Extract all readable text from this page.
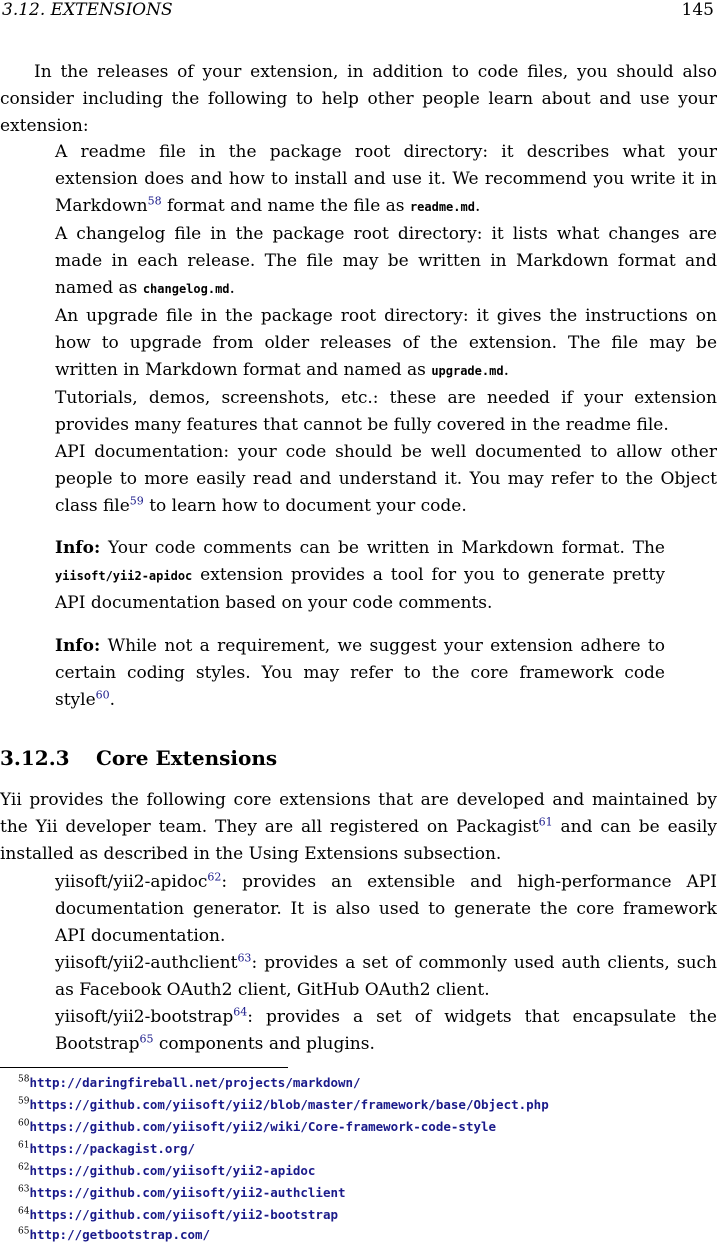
3.12. EXTENSIONS	145

In the releases of your extension, in addition to code files, you should also consider including the following to help other people learn about and use your extension:

A readme file in the package root directory: it describes what your extension does and how to install and use it. We recommend you write it in Markdown$^{58}$ format and name the file as readme.md.

A changelog file in the package root directory: it lists what changes are made in each release. The file may be written in Markdown format and named as changelog.md.

An upgrade file in the package root directory: it gives the instructions on how to upgrade from older releases of the extension. The file may be written in Markdown format and named as upgrade.md.

Tutorials, demos, screenshots, etc.: these are needed if your extension provides many features that cannot be fully covered in the readme file.

API documentation: your code should be well documented to allow other people to more easily read and understand it. You may refer to the Object class file$^{59}$ to learn how to document your code.

Info: Your code comments can be written in Markdown format. The yiisoft/yii2-apidoc extension provides a tool for you to generate pretty API documentation based on your code comments.

Info: While not a requirement, we suggest your extension adhere to certain coding styles. You may refer to the core framework code style$^{60}$.

3.12.3 Core Extensions

Yii provides the following core extensions that are developed and maintained by the Yii developer team. They are all registered on Packagist$^{61}$ and can be easily installed as described in the Using Extensions subsection.

yiisoft/yii2-apidoc$^{62}$: provides an extensible and high-performance API documentation generator. It is also used to generate the core framework API documentation.

yiisoft/yii2-authclient$^{63}$: provides a set of commonly used auth clients, such as Facebook OAuth2 client, GitHub OAuth2 client.

yiisoft/yii2-bootstrap$^{64}$: provides a set of widgets that encapsulate the Bootstrap$^{65}$ components and plugins.

$^{58}$http://daringfireball.net/projects/markdown/
$^{59}$https://github.com/yiisoft/yii2/blob/master/framework/base/Object.php
$^{60}$https://github.com/yiisoft/yii2/wiki/Core-framework-code-style
$^{61}$https://packagist.org/
$^{62}$https://github.com/yiisoft/yii2-apidoc
$^{63}$https://github.com/yiisoft/yii2-authclient
$^{64}$https://github.com/yiisoft/yii2-bootstrap
$^{65}$http://getbootstrap.com/
